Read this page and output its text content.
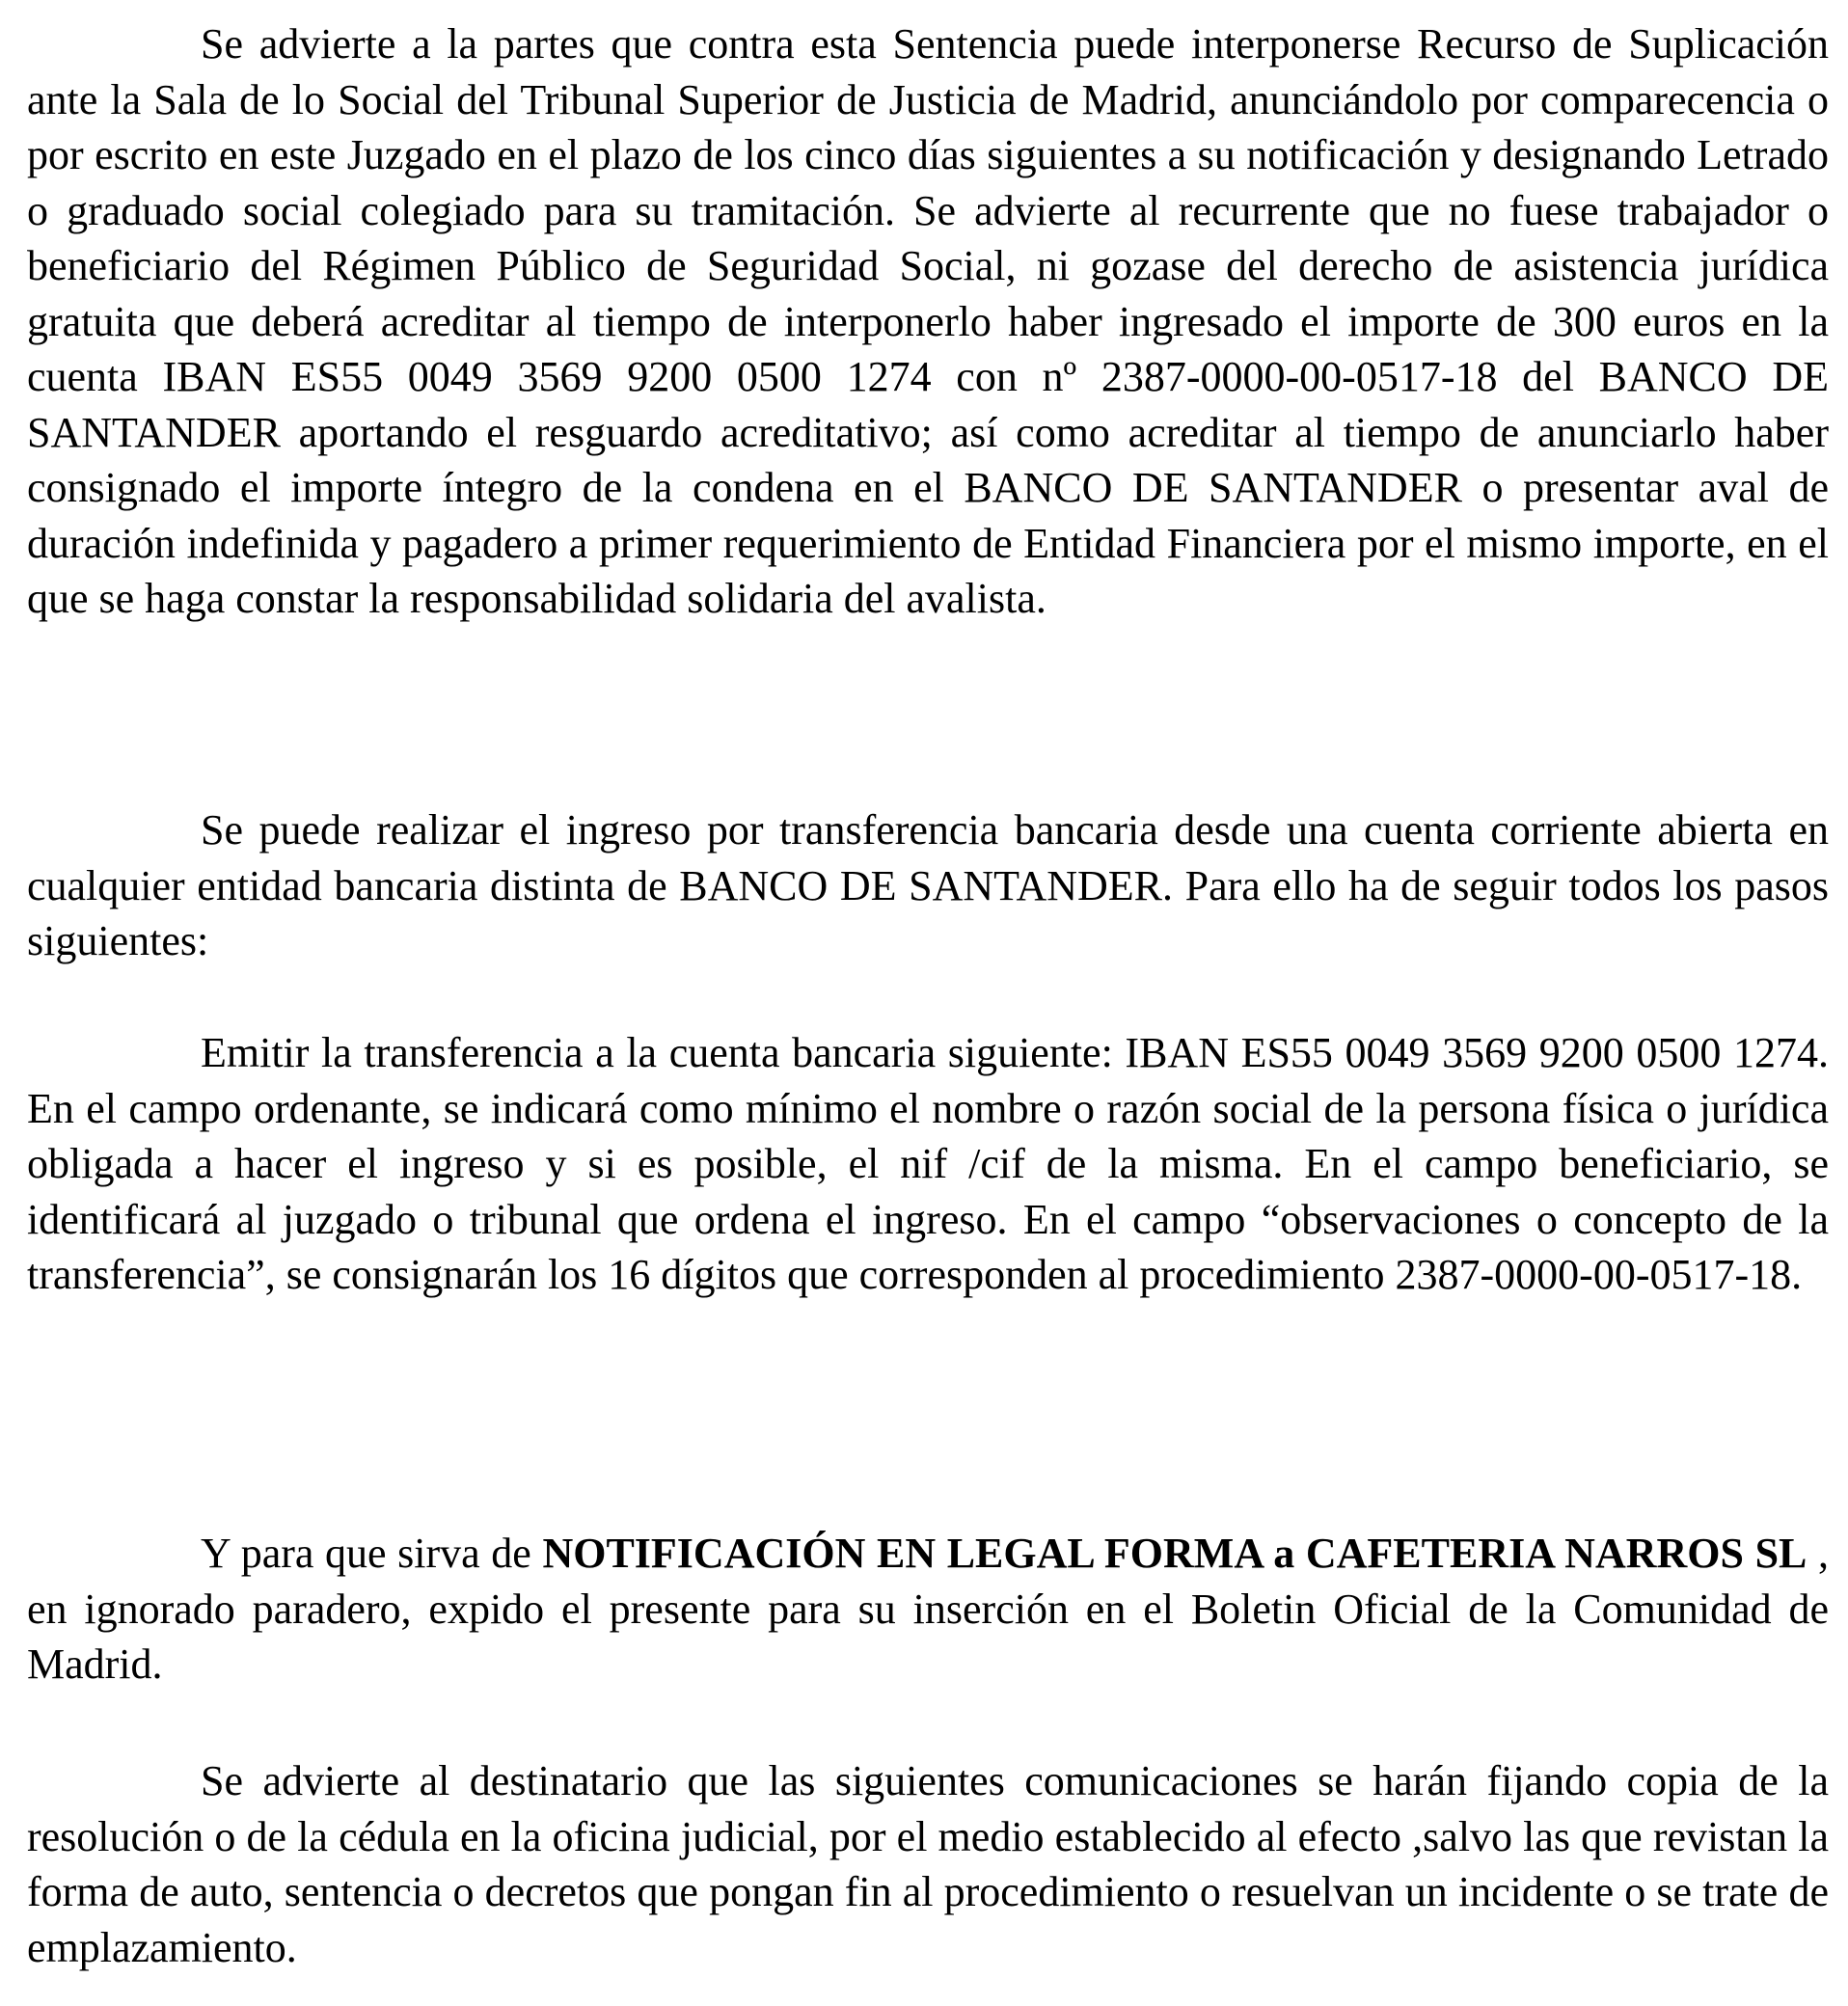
Se advierte a la partes que contra esta Sentencia puede interponerse Recurso de Suplicación ante la Sala de lo Social del Tribunal Superior de Justicia de Madrid, anunciándolo por comparecencia o por escrito en este Juzgado en el plazo de los cinco días siguientes a su notificación y designando Letrado o graduado social colegiado para su tramitación. Se advierte al recurrente que no fuese trabajador o beneficiario del Régimen Público de Seguridad Social, ni gozase del derecho de asistencia jurídica gratuita que deberá acreditar al tiempo de interponerlo haber ingresado el importe de 300 euros en la cuenta IBAN ES55 0049 3569 9200 0500 1274 con nº 2387-0000-00-0517-18 del BANCO DE SANTANDER aportando el resguardo acreditativo; así como acreditar al tiempo de anunciarlo haber consignado el importe íntegro de la condena en el BANCO DE SANTANDER o presentar aval de duración indefinida y pagadero a primer requerimiento de Entidad Financiera por el mismo importe, en el que se haga constar la responsabilidad solidaria del avalista.

Se puede realizar el ingreso por transferencia bancaria desde una cuenta corriente abierta en cualquier entidad bancaria distinta de BANCO DE SANTANDER. Para ello ha de seguir todos los pasos siguientes:

Emitir la transferencia a la cuenta bancaria siguiente: IBAN ES55 0049 3569 9200 0500 1274. En el campo ordenante, se indicará como mínimo el nombre o razón social de la persona física o jurídica obligada a hacer el ingreso y si es posible, el nif /cif de la misma. En el campo beneficiario, se identificará al juzgado o tribunal que ordena el ingreso. En el campo “observaciones o concepto de la transferencia”, se consignarán los 16 dígitos que corresponden al procedimiento 2387-0000-00-0517-18.

Y para que sirva de NOTIFICACIÓN EN LEGAL FORMA a CAFETERIA NARROS SL , en ignorado paradero, expido el presente para su inserción en el Boletin Oficial de la Comunidad de Madrid.

Se advierte al destinatario que las siguientes comunicaciones se harán fijando copia de la resolución o de la cédula en la oficina judicial, por el medio establecido al efecto ,salvo las que revistan la forma de auto, sentencia o decretos que pongan fin al procedimiento o resuelvan un incidente o se trate de emplazamiento.
